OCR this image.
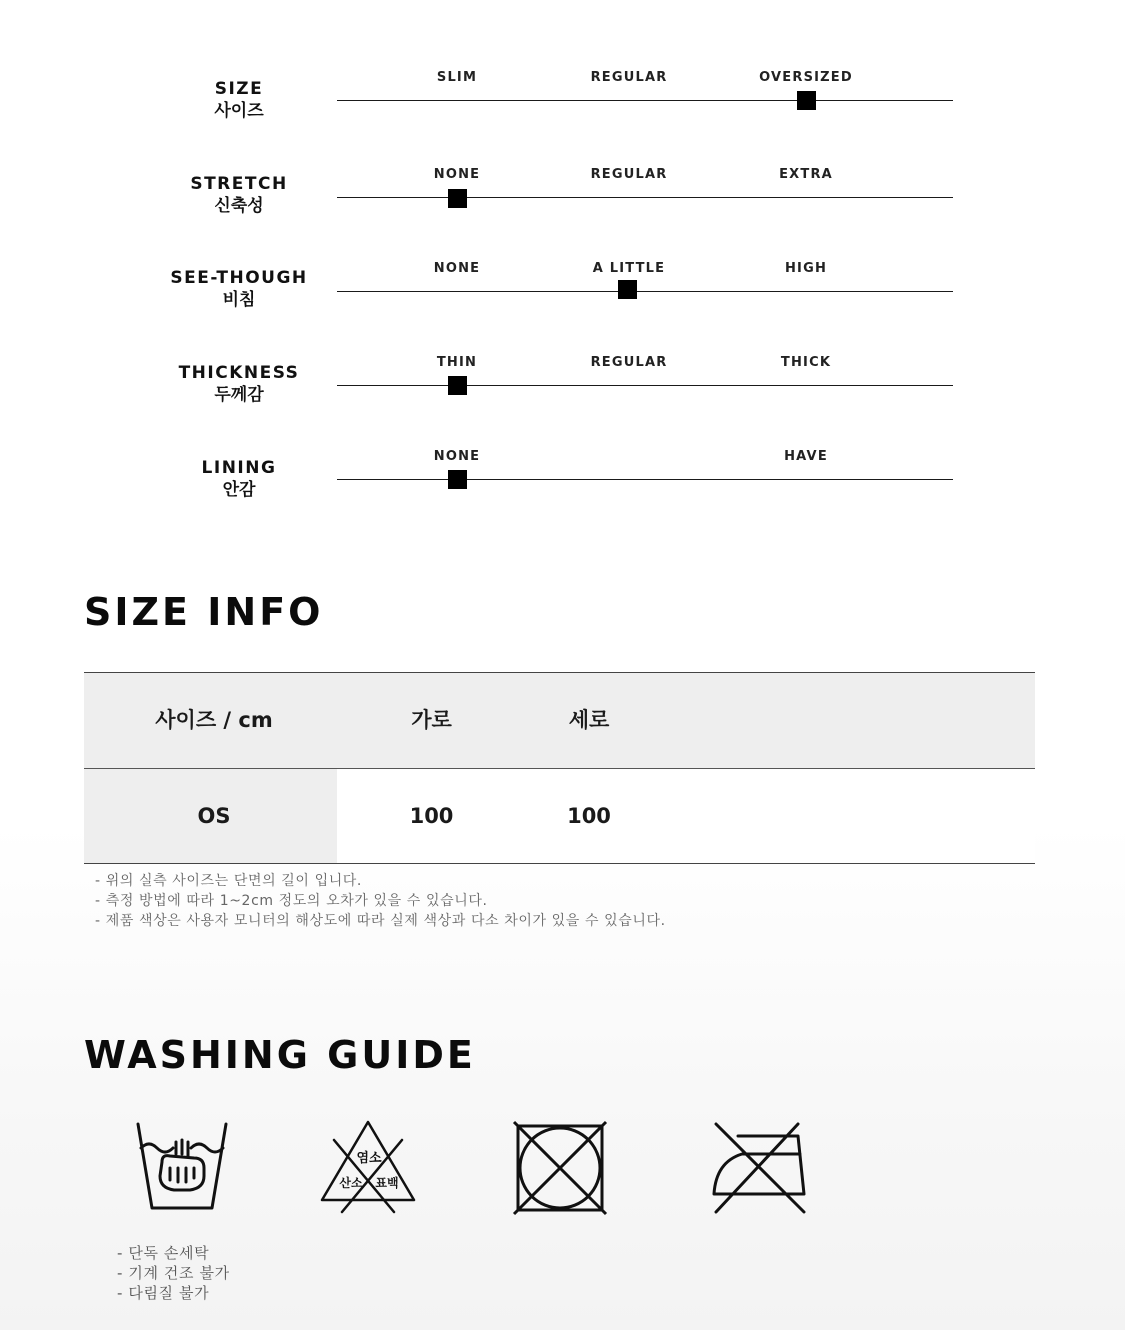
SIZE
사이즈
SLIM	REGULAR	OVERSIZED
STRETCH
신축성
NONE	REGULAR	EXTRA
SEE-THOUGH
비침
NONE	A LITTLE	HIGH
THICKNESS
두께감
THIN	REGULAR	THICK
LINING
안감
NONE	HAVE
SIZE INFO
사이즈 / cm	가로	세로
OS	100	100
- 위의 실측 사이즈는 단면의 길이 입니다.
- 측정 방법에 따라 1~2cm 정도의 오차가 있을 수 있습니다.
- 제품 색상은 사용자 모니터의 해상도에 따라 실제 색상과 다소 차이가 있을 수 있습니다.
WASHING GUIDE
염소
산소 표백
- 단독 손세탁
- 기계 건조 불가
- 다림질 불가
